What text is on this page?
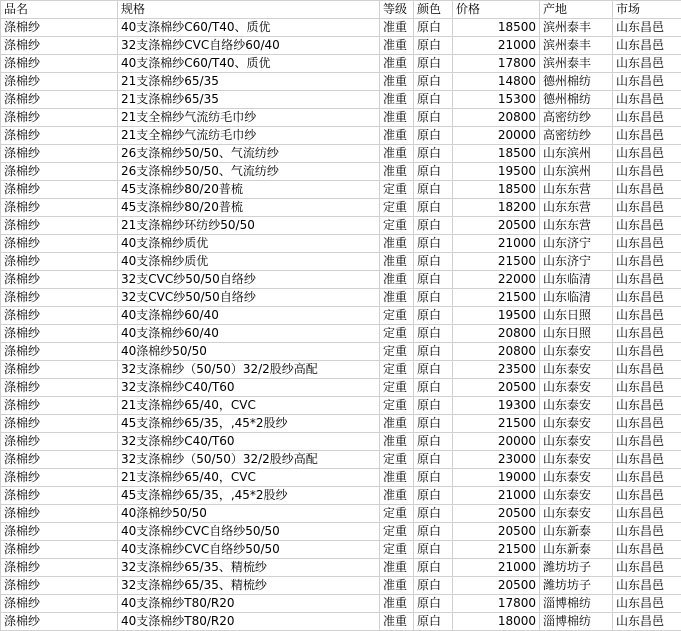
品名	规格	等级	颜色	价格	产地	市场
涤棉纱	40支涤棉纱C60/T40、质优	准重	原白	18500	滨州泰丰	山东昌邑
涤棉纱	32支涤棉纱CVC自络纱60/40	准重	原白	21000	滨州泰丰	山东昌邑
涤棉纱	40支涤棉纱C60/T40、质优	准重	原白	17800	滨州泰丰	山东昌邑
涤棉纱	21支涤棉纱65/35	准重	原白	14800	德州棉纺	山东昌邑
涤棉纱	21支涤棉纱65/35	准重	原白	15300	德州棉纺	山东昌邑
涤棉纱	21支全棉纱气流纺毛巾纱	准重	原白	20800	高密纺纱	山东昌邑
涤棉纱	21支全棉纱气流纺毛巾纱	准重	原白	20000	高密纺纱	山东昌邑
涤棉纱	26支涤棉纱50/50、气流纺纱	准重	原白	18500	山东滨州	山东昌邑
涤棉纱	26支涤棉纱50/50、气流纺纱	准重	原白	19500	山东滨州	山东昌邑
涤棉纱	45支涤棉纱80/20普梳	定重	原白	18500	山东东营	山东昌邑
涤棉纱	45支涤棉纱80/20普梳	定重	原白	18200	山东东营	山东昌邑
涤棉纱	21支涤棉纱环纺纱50/50	定重	原白	20500	山东东营	山东昌邑
涤棉纱	40支涤棉纱质优	准重	原白	21000	山东济宁	山东昌邑
涤棉纱	40支涤棉纱质优	准重	原白	21500	山东济宁	山东昌邑
涤棉纱	32支CVC纱50/50自络纱	准重	原白	22000	山东临清	山东昌邑
涤棉纱	32支CVC纱50/50自络纱	准重	原白	21500	山东临清	山东昌邑
涤棉纱	40支涤棉纱60/40	定重	原白	19500	山东日照	山东昌邑
涤棉纱	40支涤棉纱60/40	定重	原白	20800	山东日照	山东昌邑
涤棉纱	40涤棉纱50/50	定重	原白	20800	山东泰安	山东昌邑
涤棉纱	32支涤棉纱（50/50）32/2股纱高配	定重	原白	23500	山东泰安	山东昌邑
涤棉纱	32支涤棉纱C40/T60	定重	原白	20500	山东泰安	山东昌邑
涤棉纱	21支涤棉纱65/40，CVC	定重	原白	19300	山东泰安	山东昌邑
涤棉纱	45支涤棉纱65/35，,45*2股纱	准重	原白	21500	山东泰安	山东昌邑
涤棉纱	32支涤棉纱C40/T60	准重	原白	20000	山东泰安	山东昌邑
涤棉纱	32支涤棉纱（50/50）32/2股纱高配	定重	原白	23000	山东泰安	山东昌邑
涤棉纱	21支涤棉纱65/40，CVC	准重	原白	19000	山东泰安	山东昌邑
涤棉纱	45支涤棉纱65/35，,45*2股纱	准重	原白	21000	山东泰安	山东昌邑
涤棉纱	40涤棉纱50/50	定重	原白	20500	山东泰安	山东昌邑
涤棉纱	40支涤棉纱CVC自络纱50/50	定重	原白	20500	山东新泰	山东昌邑
涤棉纱	40支涤棉纱CVC自络纱50/50	定重	原白	21500	山东新泰	山东昌邑
涤棉纱	32支涤棉纱65/35、精梳纱	准重	原白	21000	潍坊坊子	山东昌邑
涤棉纱	32支涤棉纱65/35、精梳纱	准重	原白	20500	潍坊坊子	山东昌邑
涤棉纱	40支涤棉纱T80/R20	准重	原白	17800	淄博棉纺	山东昌邑
涤棉纱	40支涤棉纱T80/R20	准重	原白	18000	淄博棉纺	山东昌邑
